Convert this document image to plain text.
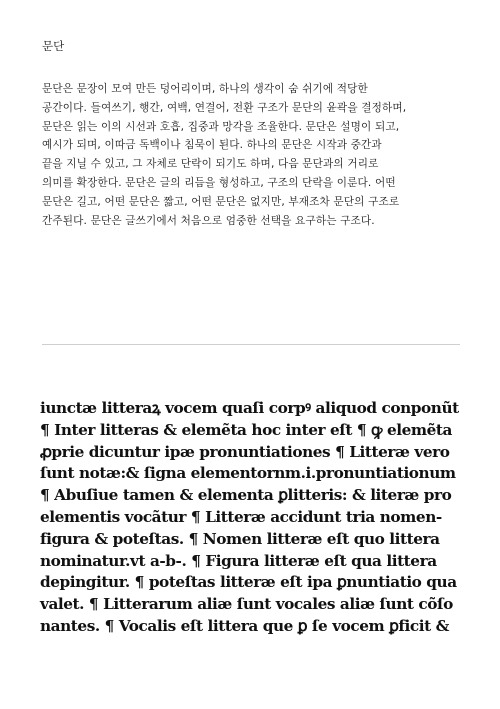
문단

문단은 문장이 모여 만든 덩어리이며, 하나의 생각이 숨 쉬기에 적당한
공간이다. 들여쓰기, 행간, 여백, 연결어, 전환 구조가 문단의 윤곽을 결정하며,
문단은 읽는 이의 시선과 호흡, 집중과 망각을 조율한다. 문단은 설명이 되고,
예시가 되며, 이따금 독백이나 침묵이 된다. 하나의 문단은 시작과 중간과
끝을 지닐 수 있고, 그 자체로 단락이 되기도 하며, 다음 문단과의 거리로
의미를 확장한다. 문단은 글의 리듬을 형성하고, 구조의 단락을 이룬다. 어떤
문단은 길고, 어떤 문단은 짧고, 어떤 문단은 없지만, 부재조차 문단의 구조로
간주된다. 문단은 글쓰기에서 처음으로 엄중한 선택을 요구하는 구조다.

iunctæ litteraꝝ vocem quaſi corpꝰ aliquod conponũt
¶ Inter litteras & elemẽta hoc inter eſt ¶ ꝙ elemẽta
ꝓprie dicuntur ipæ pronuntiationes ¶ Litteræ vero
ſunt notæ:& ſigna elementornm.i.pronuntiationum
¶ Abuſiue tamen & elementa ꝑlitteris: & literæ pro
elementis vocãtur ¶ Litteræ accidunt tria nomen-
figura & poteſtas. ¶ Nomen litteræ eſt quo littera
nominatur.vt a-b-. ¶ Figura litteræ eſt qua littera
depingitur. ¶ poteſtas litteræ eſt ipa ꝑnuntiatio qua
valet. ¶ Litterarum aliæ ſunt vocales aliæ ſunt cõſo
nantes. ¶ Vocalis eſt littera que ꝑ ſe vocem ꝑficit &
